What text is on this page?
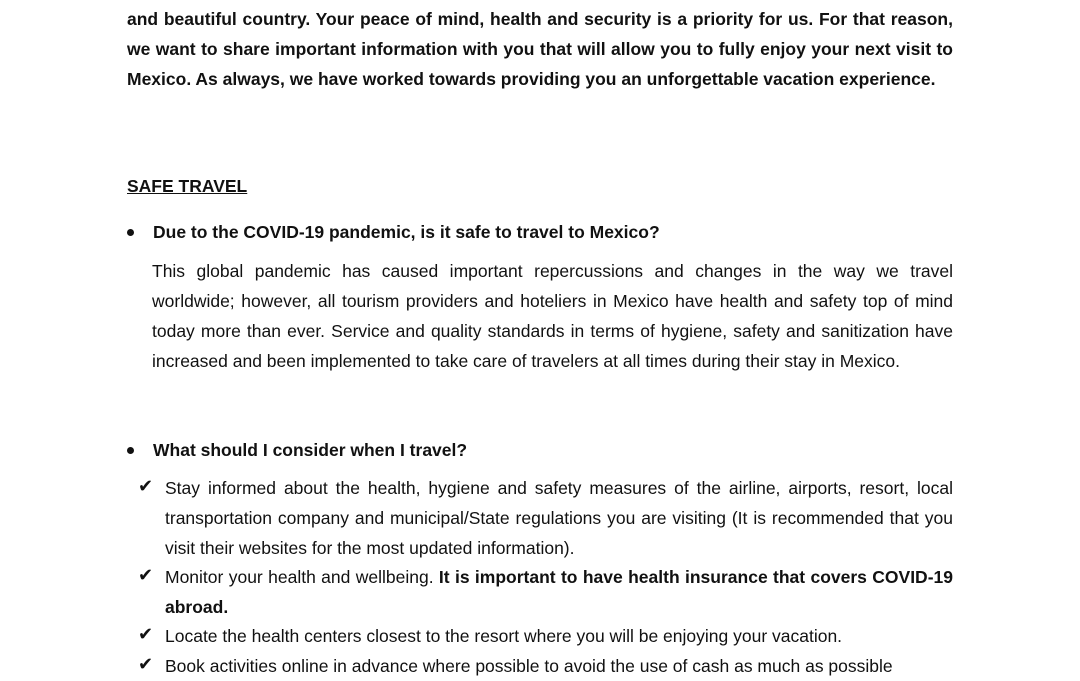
and beautiful country. Your peace of mind, health and security is a priority for us. For that reason, we want to share important information with you that will allow you to fully enjoy your next visit to Mexico. As always, we have worked towards providing you an unforgettable vacation experience.
SAFE TRAVEL
Due to the COVID-19 pandemic, is it safe to travel to Mexico?
This global pandemic has caused important repercussions and changes in the way we travel worldwide; however, all tourism providers and hoteliers in Mexico have health and safety top of mind today more than ever. Service and quality standards in terms of hygiene, safety and sanitization have increased and been implemented to take care of travelers at all times during their stay in Mexico.
What should I consider when I travel?
✔ Stay informed about the health, hygiene and safety measures of the airline, airports, resort, local transportation company and municipal/State regulations you are visiting (It is recommended that you visit their websites for the most updated information).
✔ Monitor your health and wellbeing. It is important to have health insurance that covers COVID-19 abroad.
✔ Locate the health centers closest to the resort where you will be enjoying your vacation.
✔ Book activities online in advance where possible to avoid the use of cash as much as possible
